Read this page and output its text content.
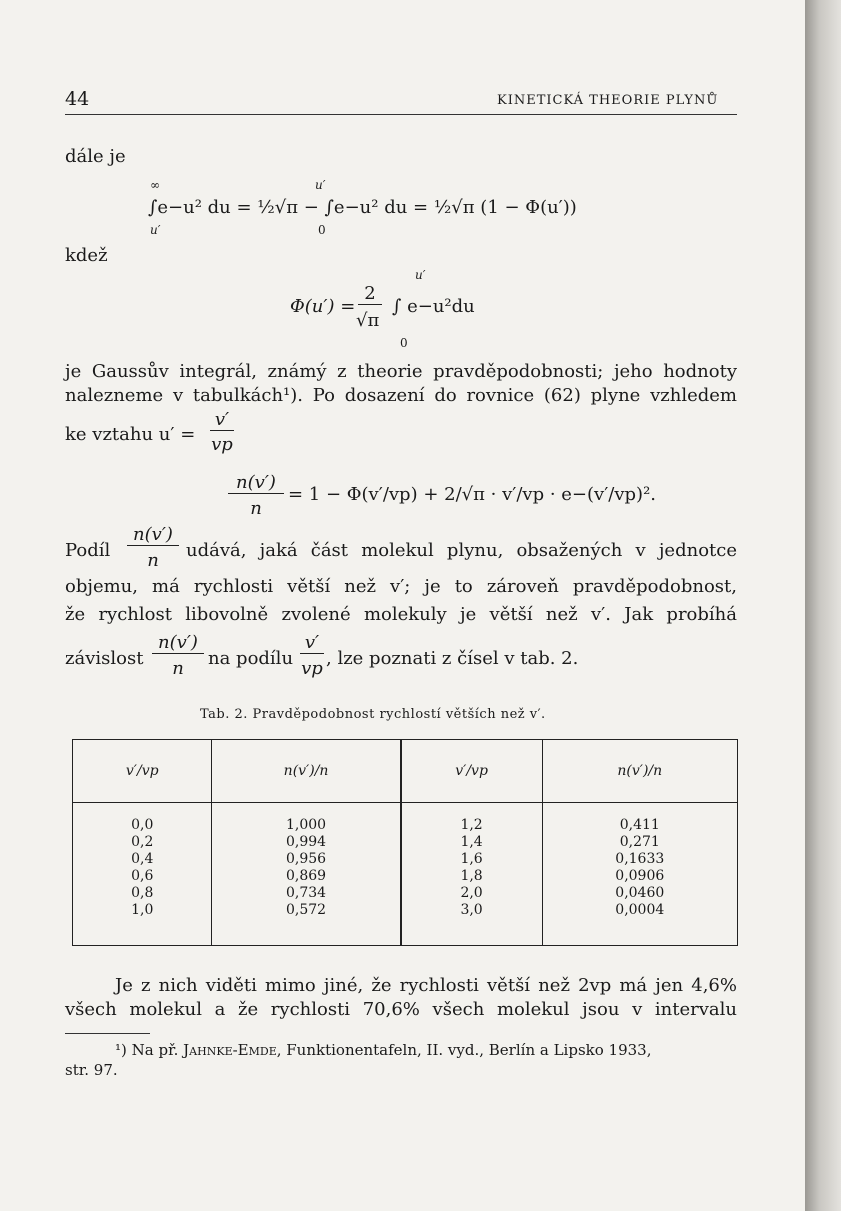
44	KINETICKÁ THEORIE PLYNŮ
dále je
∞	u′
∫e−u² du = ½√π − ∫e−u² du = ½√π (1 − Φ(u′))
u′	0
kdež
u′
Φ(u′) =
2
√π
∫ e−u²du
0
je Gaussův integrál, známý z theorie pravděpodobnosti; jeho hodnoty
nalezneme v tabulkách¹). Po dosazení do rovnice (62) plyne vzhledem
ke vztahu u′ =
v′
vp
n(v′)
n
= 1 − Φ(v′/vp) + 2/√π · v′/vp · e−(v′/vp)².
Podíl
n(v′)
n	udává, jaká část molekul plynu, obsažených v jednotce
objemu, má rychlosti větší než v′; je to zároveň pravděpodobnost,
že rychlost libovolně zvolené molekuly je větší než v′. Jak probíhá
závislost
n(v′)
n	na podílu
v′
vp , lze poznati z čísel v tab. 2.
Tab. 2. Pravděpodobnost rychlostí větších než v′.
v′/vp	n(v′)/n	v′/vp	n(v′)/n
0,0	1,000	1,2	0,411
0,2	0,994	1,4	0,271
0,4	0,956	1,6	0,1633
0,6	0,869	1,8	0,0906
0,8	0,734	2,0	0,0460
1,0	0,572	3,0	0,0004
Je z nich viděti mimo jiné, že rychlosti větší než 2vp má jen 4,6%
všech molekul a že rychlosti 70,6% všech molekul jsou v intervalu
¹) Na př. Jahnke-Emde, Funktionentafeln, II. vyd., Berlín a Lipsko 1933,
str. 97.
